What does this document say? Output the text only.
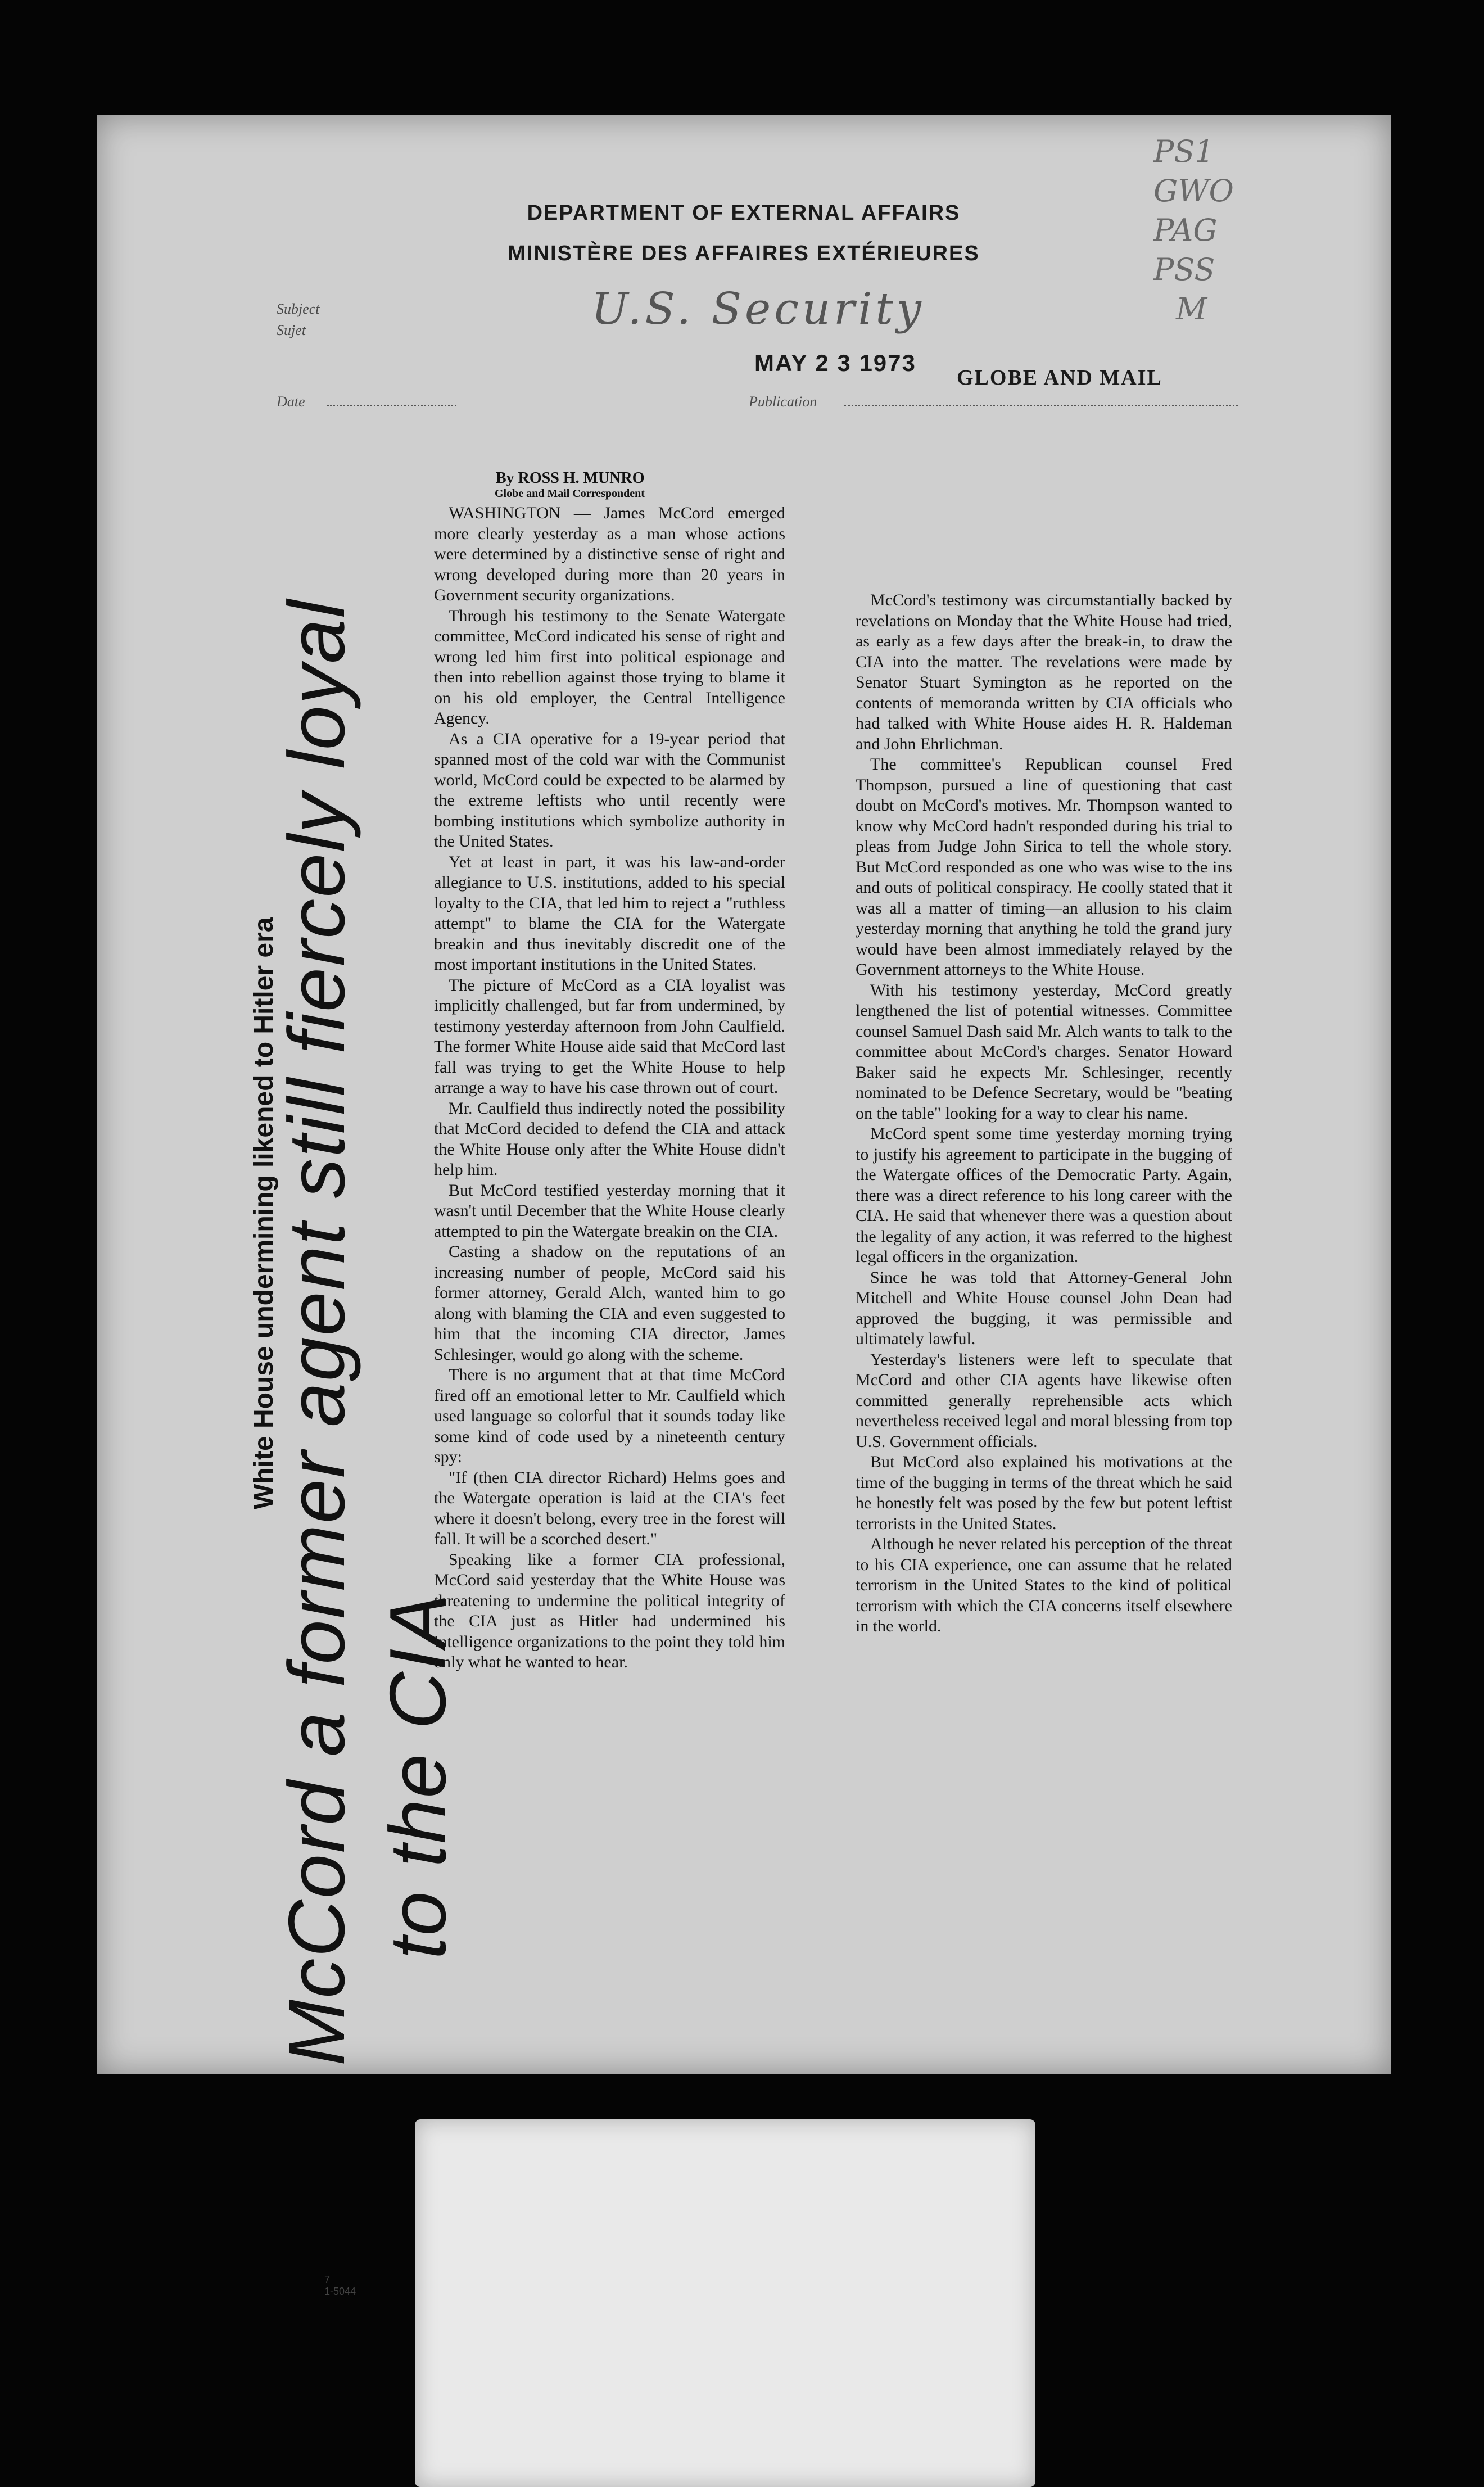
DEPARTMENT OF EXTERNAL AFFAIRS
MINISTÈRE DES AFFAIRES EXTÉRIEURES
PS1
GWO
PAG
PSS
M
Subject
Sujet	U.S. Security
MAY 2 3 1973
GLOBE AND MAIL
Date	Publication
White House undermining likened to Hitler era
McCord a former agent still fiercely loyal to the CIA
By ROSS H. MUNRO
Globe and Mail Correspondent

WASHINGTON — James McCord emerged more clearly yesterday as a man whose actions were determined by a distinctive sense of right and wrong developed during more than 20 years in Government security organizations.

Through his testimony to the Senate Watergate committee, McCord indicated his sense of right and wrong led him first into political espionage and then into rebellion against those trying to blame it on his old employer, the Central Intelligence Agency.

As a CIA operative for a 19-year period that spanned most of the cold war with the Communist world, McCord could be expected to be alarmed by the extreme leftists who until recently were bombing institutions which symbolize authority in the United States.

Yet at least in part, it was his law-and-order allegiance to U.S. institutions, added to his special loyalty to the CIA, that led him to reject a "ruthless attempt" to blame the CIA for the Watergate breakin and thus inevitably discredit one of the most important institutions in the United States.

The picture of McCord as a CIA loyalist was implicitly challenged, but far from undermined, by testimony yesterday afternoon from John Caulfield. The former White House aide said that McCord last fall was trying to get the White House to help arrange a way to have his case thrown out of court.

Mr. Caulfield thus indirectly noted the possibility that McCord decided to defend the CIA and attack the White House only after the White House didn't help him.

But McCord testified yesterday morning that it wasn't until December that the White House clearly attempted to pin the Watergate breakin on the CIA.

Casting a shadow on the reputations of an increasing number of people, McCord said his former attorney, Gerald Alch, wanted him to go along with blaming the CIA and even suggested to him that the incoming CIA director, James Schlesinger, would go along with the scheme.

There is no argument that at that time McCord fired off an emotional letter to Mr. Caulfield which used language so colorful that it sounds today like some kind of code used by a nineteenth century spy:

"If (then CIA director Richard) Helms goes and the Watergate operation is laid at the CIA's feet where it doesn't belong, every tree in the forest will fall. It will be a scorched desert."

Speaking like a former CIA professional, McCord said yesterday that the White House was threatening to undermine the political integrity of the CIA just as Hitler had undermined his intelligence organizations to the point they told him only what he wanted to hear.

McCord's testimony was circumstantially backed by revelations on Monday that the White House had tried, as early as a few days after the break-in, to draw the CIA into the matter. The revelations were made by Senator Stuart Symington as he reported on the contents of memoranda written by CIA officials who had talked with White House aides H. R. Haldeman and John Ehrlichman.

The committee's Republican counsel Fred Thompson, pursued a line of questioning that cast doubt on McCord's motives. Mr. Thompson wanted to know why McCord hadn't responded during his trial to pleas from Judge John Sirica to tell the whole story. But McCord responded as one who was wise to the ins and outs of political conspiracy. He coolly stated that it was all a matter of timing—an allusion to his claim yesterday morning that anything he told the grand jury would have been almost immediately relayed by the Government attorneys to the White House.

With his testimony yesterday, McCord greatly lengthened the list of potential witnesses. Committee counsel Samuel Dash said Mr. Alch wants to talk to the committee about McCord's charges. Senator Howard Baker said he expects Mr. Schlesinger, recently nominated to be Defence Secretary, would be "beating on the table" looking for a way to clear his name.

McCord spent some time yesterday morning trying to justify his agreement to participate in the bugging of the Watergate offices of the Democratic Party. Again, there was a direct reference to his long career with the CIA. He said that whenever there was a question about the legality of any action, it was referred to the highest legal officers in the organization.

Since he was told that Attorney-General John Mitchell and White House counsel John Dean had approved the bugging, it was permissible and ultimately lawful.

Yesterday's listeners were left to speculate that McCord and other CIA agents have likewise often committed generally reprehensible acts which nevertheless received legal and moral blessing from top U.S. Government officials.

But McCord also explained his motivations at the time of the bugging in terms of the threat which he said he honestly felt was posed by the few but potent leftist terrorists in the United States.

Although he never related his perception of the threat to his CIA experience, one can assume that he related terrorism in the United States to the kind of political terrorism with which the CIA concerns itself elsewhere in the world.

7
1-5044
